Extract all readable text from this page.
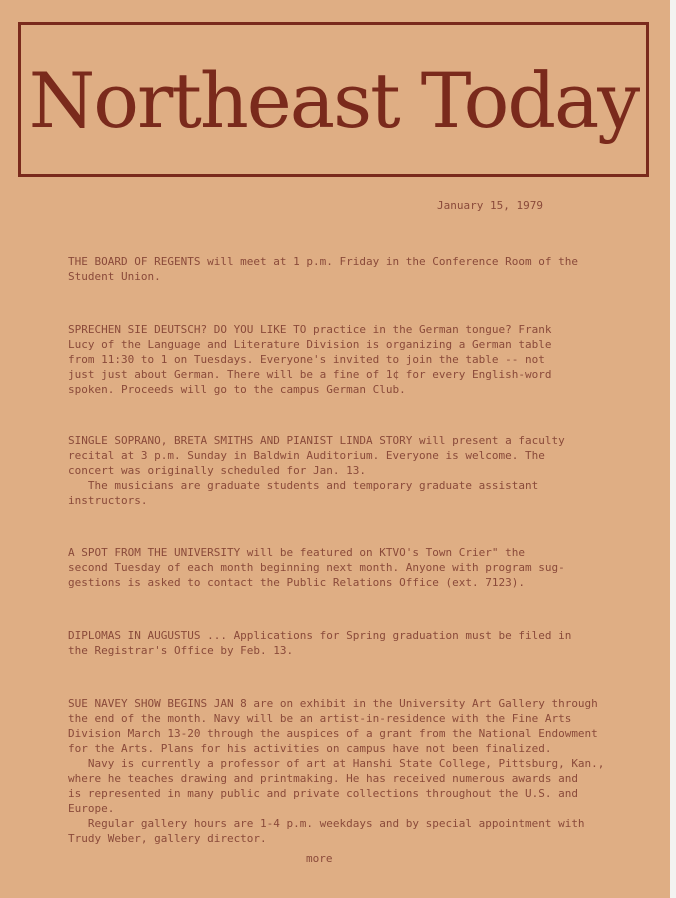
Northeast Today
January 15, 1979

THE BOARD OF REGENTS will meet at 1 p.m. Friday in the Conference Room of the

Student Union.

SPRECHEN SIE DEUTSCH? DO YOU LIKE TO practice in the German tongue? Frank

Lucy of the Language and Literature Division is organizing a German table

from 11:30 to 1 on Tuesdays. Everyone's invited to join the table -- not

just just about German. There will be a fine of 1¢ for every English-word

spoken. Proceeds will go to the campus German Club.

SINGLE SOPRANO, BRETA SMITHS AND PIANIST LINDA STORY will present a faculty

recital at 3 p.m. Sunday in Baldwin Auditorium. Everyone is welcome. The

concert was originally scheduled for Jan. 13.

The musicians are graduate students and temporary graduate assistant

instructors.

A SPOT FROM THE UNIVERSITY will be featured on KTVO's Town Crier" the

second Tuesday of each month beginning next month. Anyone with program sug-

gestions is asked to contact the Public Relations Office (ext. 7123).

DIPLOMAS IN AUGUSTUS ... Applications for Spring graduation must be filed in

the Registrar's Office by Feb. 13.

SUE NAVEY SHOW BEGINS JAN 8 are on exhibit in the University Art Gallery through

the end of the month. Navy will be an artist-in-residence with the Fine Arts

Division March 13-20 through the auspices of a grant from the National Endowment

for the Arts. Plans for his activities on campus have not been finalized.

Navy is currently a professor of art at Hanshi State College, Pittsburg, Kan.,

where he teaches drawing and printmaking. He has received numerous awards and

is represented in many public and private collections throughout the U.S. and

Europe.

Regular gallery hours are 1-4 p.m. weekdays and by special appointment with

Trudy Weber, gallery director.

more
